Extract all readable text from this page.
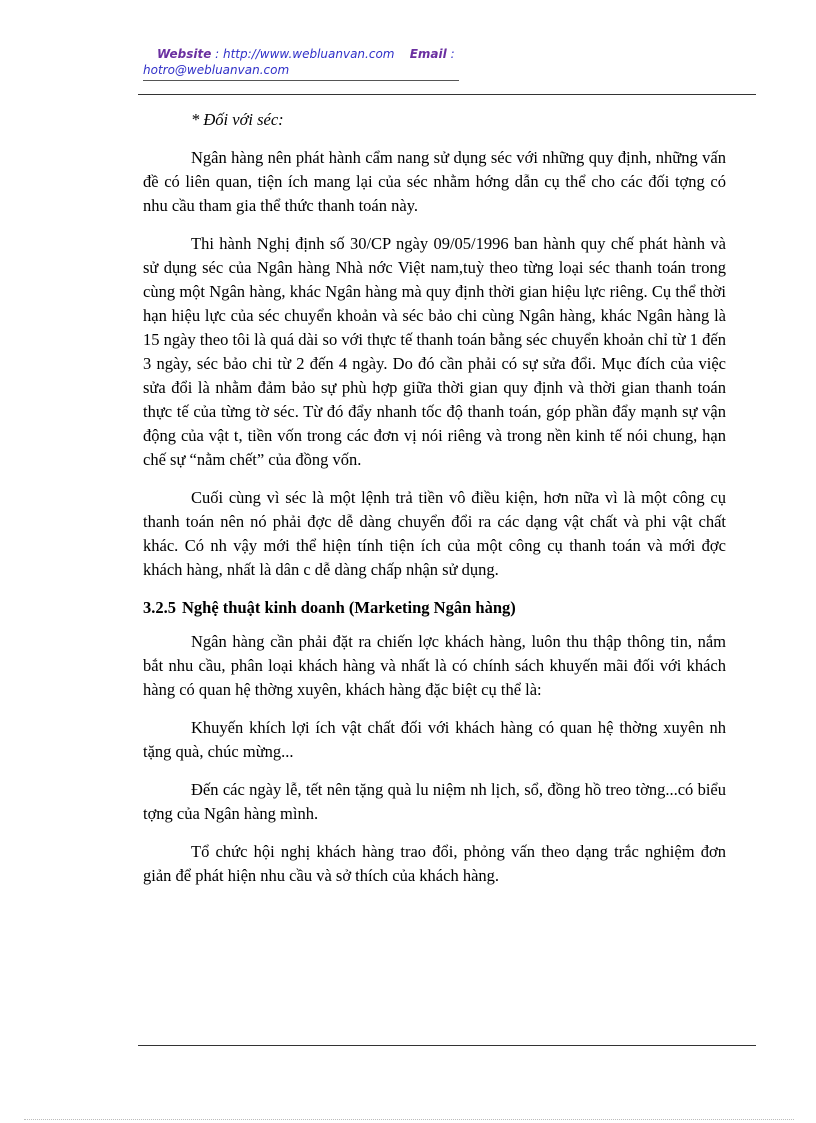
Website : http://www.webluanvan.com Email :
hotro@webluanvan.com

* Đối với séc:

Ngân hàng nên phát hành cẩm nang sử dụng séc với những quy định, những vấn đề có liên quan, tiện ích mang lại của séc nhằm hớng dẫn cụ thể cho các đối tợng có nhu cầu tham gia thể thức thanh toán này.

Thi hành Nghị định số 30/CP ngày 09/05/1996 ban hành quy chế phát hành và sử dụng séc của Ngân hàng Nhà nớc Việt nam,tuỳ theo từng loại séc thanh toán trong cùng một Ngân hàng, khác Ngân hàng mà quy định thời gian hiệu lực riêng. Cụ thể thời hạn hiệu lực của séc chuyển khoản và séc bảo chi cùng Ngân hàng, khác Ngân hàng là 15 ngày theo tôi là quá dài so với thực tế thanh toán bằng séc chuyển khoản chỉ từ 1 đến 3 ngày, séc bảo chi từ 2 đến 4 ngày. Do đó cần phải có sự sửa đổi. Mục đích của việc sửa đổi là nhằm đảm bảo sự phù hợp giữa thời gian quy định và thời gian thanh toán thực tế của từng tờ séc. Từ đó đẩy nhanh tốc độ thanh toán, góp phần đẩy mạnh sự vận động của vật t, tiền vốn trong các đơn vị nói riêng và trong nền kinh tế nói chung, hạn chế sự “nằm chết” của đồng vốn.

Cuối cùng vì séc là một lệnh trả tiền vô điều kiện, hơn nữa vì là một công cụ thanh toán nên nó phải đợc dễ dàng chuyển đổi ra các dạng vật chất và phi vật chất khác. Có nh vậy mới thể hiện tính tiện ích của một công cụ thanh toán và mới đợc khách hàng, nhất là dân c dễ dàng chấp nhận sử dụng.

3.2.5 Nghệ thuật kinh doanh (Marketing Ngân hàng)

Ngân hàng cần phải đặt ra chiến lợc khách hàng, luôn thu thập thông tin, nắm bắt nhu cầu, phân loại khách hàng và nhất là có chính sách khuyến mãi đối với khách hàng có quan hệ thờng xuyên, khách hàng đặc biệt cụ thể là:

Khuyến khích lợi ích vật chất đối với khách hàng có quan hệ thờng xuyên nh tặng quà, chúc mừng...

Đến các ngày lễ, tết nên tặng quà lu niệm nh lịch, sổ, đồng hồ treo tờng...có biểu tợng của Ngân hàng mình.

Tổ chức hội nghị khách hàng trao đổi, phỏng vấn theo dạng trắc nghiệm đơn giản để phát hiện nhu cầu và sở thích của khách hàng.
